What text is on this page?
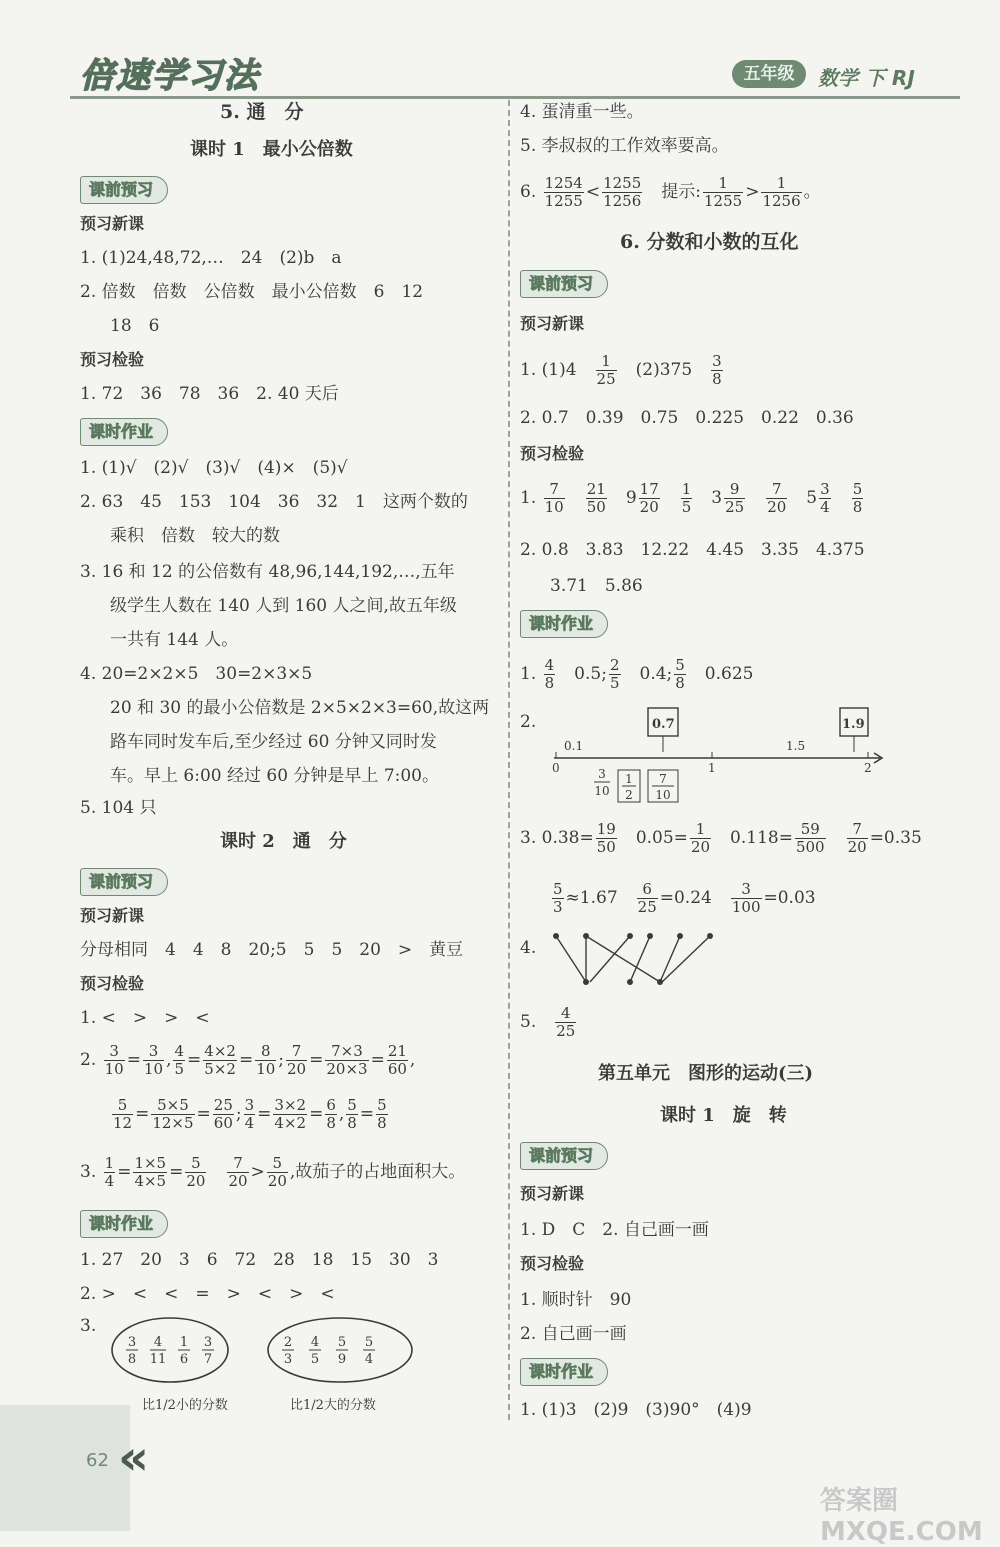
倍速学习法	五年级	数学 下 RJ
5. 通　分
课时 1　最小公倍数
课前预习
预习新课
1. (1)24,48,72,…　24　(2)b　a
2. 倍数　倍数　公倍数　最小公倍数　6　12
18　6
预习检验
1. 72　36　78　36　2. 40 天后
课时作业
1. (1)√　(2)√　(3)√　(4)×　(5)√
2. 63　45　153　104　36　32　1　这两个数的
乘积　倍数　较大的数
3. 16 和 12 的公倍数有 48,96,144,192,…,五年
级学生人数在 140 人到 160 人之间,故五年级
一共有 144 人。
4. 20=2×2×5　30=2×3×5
20 和 30 的最小公倍数是 2×5×2×3=60,故这两
路车同时发车后,至少经过 60 分钟又同时发
车。早上 6:00 经过 60 分钟是早上 7:00。
5. 104 只
课时 2　通　分
课前预习
预习新课
分母相同　4　4　8　20;5　5　5　20　>　黄豆
预习检验
1. <　>　>　<
2. $\frac{3}{10} = \frac{3}{10}$ , $\frac{4}{5} = \frac{4\times 2}{5\times 2} = \frac{8}{10}$ ; $\frac{7}{20} = \frac{7\times 3}{20\times 3} = \frac{21}{60}$ ,
$\frac{5}{12} = \frac{5\times 5}{12\times 5} = \frac{25}{60}$ ; $\frac{3}{4} = \frac{3\times 2}{4\times 2} = \frac{6}{8}$ , $\frac{5}{8} = \frac{5}{8}$
3. $\frac{1}{4} = \frac{1\times 5}{4\times 5} = \frac{5}{20}$
　 $\frac{7}{20} > \frac{5}{20}$ ,故茄子的占地面积大。
课时作业
1. 27　20　3　6　72　28　18　15　30　3
2. >　<　<　=　>　<　>　<
3.
3
8
4
11
1
6
3
7
2
3
4
5
5
9
5
4
比1/2小的分数	比1/2大的分数
4. 蛋清重一些。
5. 李叔叔的工作效率要高。
6. $\frac{1254}{1255} < \frac{1255}{1256}$
　 提示: $\frac{1}{1255} > \frac{1}{1256}$ 。
6. 分数和小数的互化
课前预习
预习新课
1. (1)4　 $\frac{1}{25}$
　 (2)375　 $\frac{3}{8}$
2. 0.7　0.39　0.75　0.225　0.22　0.36
预习检验
1. $\frac{7}{10}$
　 $\frac{21}{50}$ 　$9 \frac{17}{20}$
　 $\frac{1}{5}$ 　$3 \frac{9}{25}$
　 $\frac{7}{20}$ 　$5 \frac{3}{4}$
　 $\frac{5}{8}$
2. 0.8　3.83　12.22　4.45　3.35　4.375
3.71　5.86
课时作业
1. $\frac{4}{8}$ 　0.5; $\frac{2}{5}$ 　0.4; $\frac{5}{8}$ 　0.625
2.
0
0.1
1
1.5
2
0.7	1.9
3
10
1
2
7
10
3. $0.38= \frac{19}{50}$ 　$0.05= \frac{1}{20}$ 　$0.118= \frac{59}{500}$
　 $\frac{7}{20} =0.35$
$\frac{5}{3} \approx 1.67$　 $\frac{6}{25} =0.24$　 $\frac{3}{100} =0.03$
4.
5.　 $\frac{4}{25}$
第五单元　图形的运动(三)
课时 1　旋　转
课前预习
预习新课
1. D　C　2. 自己画一画
预习检验
1. 顺时针　90
2. 自己画一画
课时作业
1. (1)3　(2)9　(3)90°　(4)9
62 «
答案圈 MXQE.COM
